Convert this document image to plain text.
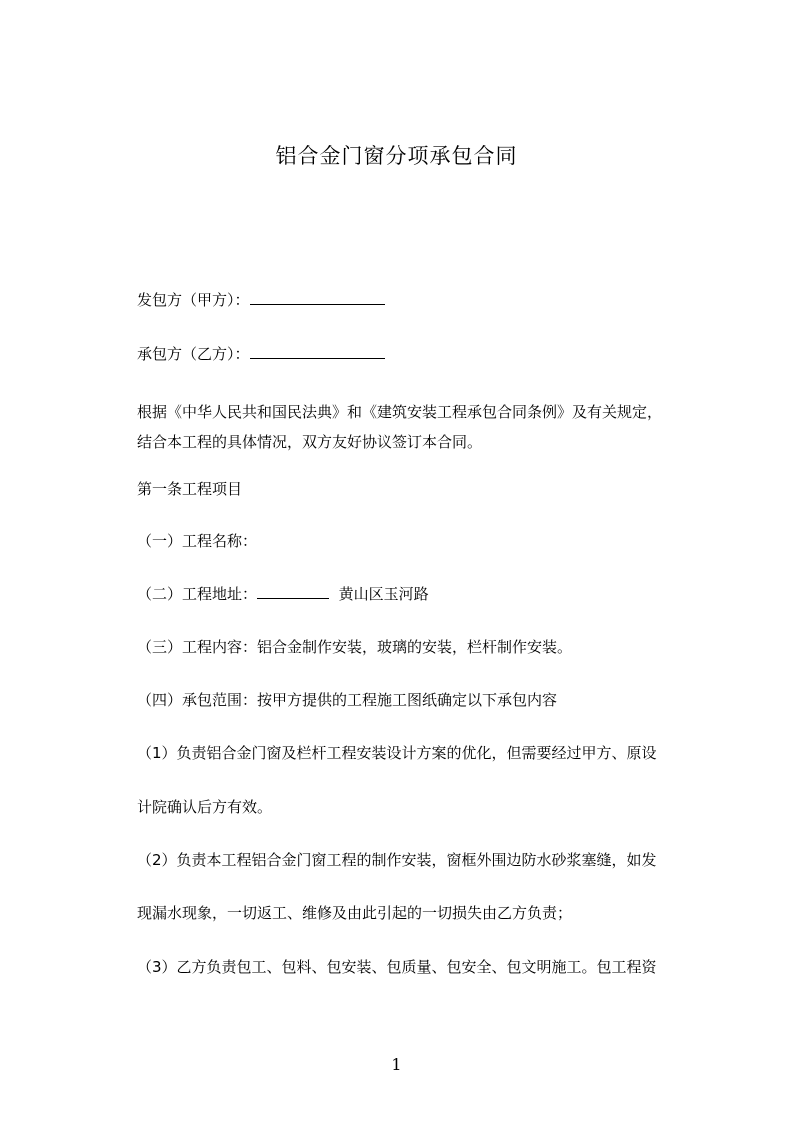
铝合金门窗分项承包合同
发包方（甲方）：
承包方（乙方）：
根据《中华人民共和国民法典》和《建筑安装工程承包合同条例》及有关规定，
结合本工程的具体情况，双方友好协议签订本合同。
第一条工程项目
（一）工程名称：
（二）工程地址：	黄山区玉河路
（三）工程内容：铝合金制作安装，玻璃的安装，栏杆制作安装。
（四）承包范围：按甲方提供的工程施工图纸确定以下承包内容
（1）负责铝合金门窗及栏杆工程安装设计方案的优化，但需要经过甲方、原设
计院确认后方有效。
（2）负责本工程铝合金门窗工程的制作安装，窗框外围边防水砂浆塞缝，如发
现漏水现象，一切返工、维修及由此引起的一切损失由乙方负责；
（3）乙方负责包工、包料、包安装、包质量、包安全、包文明施工。包工程资
1
